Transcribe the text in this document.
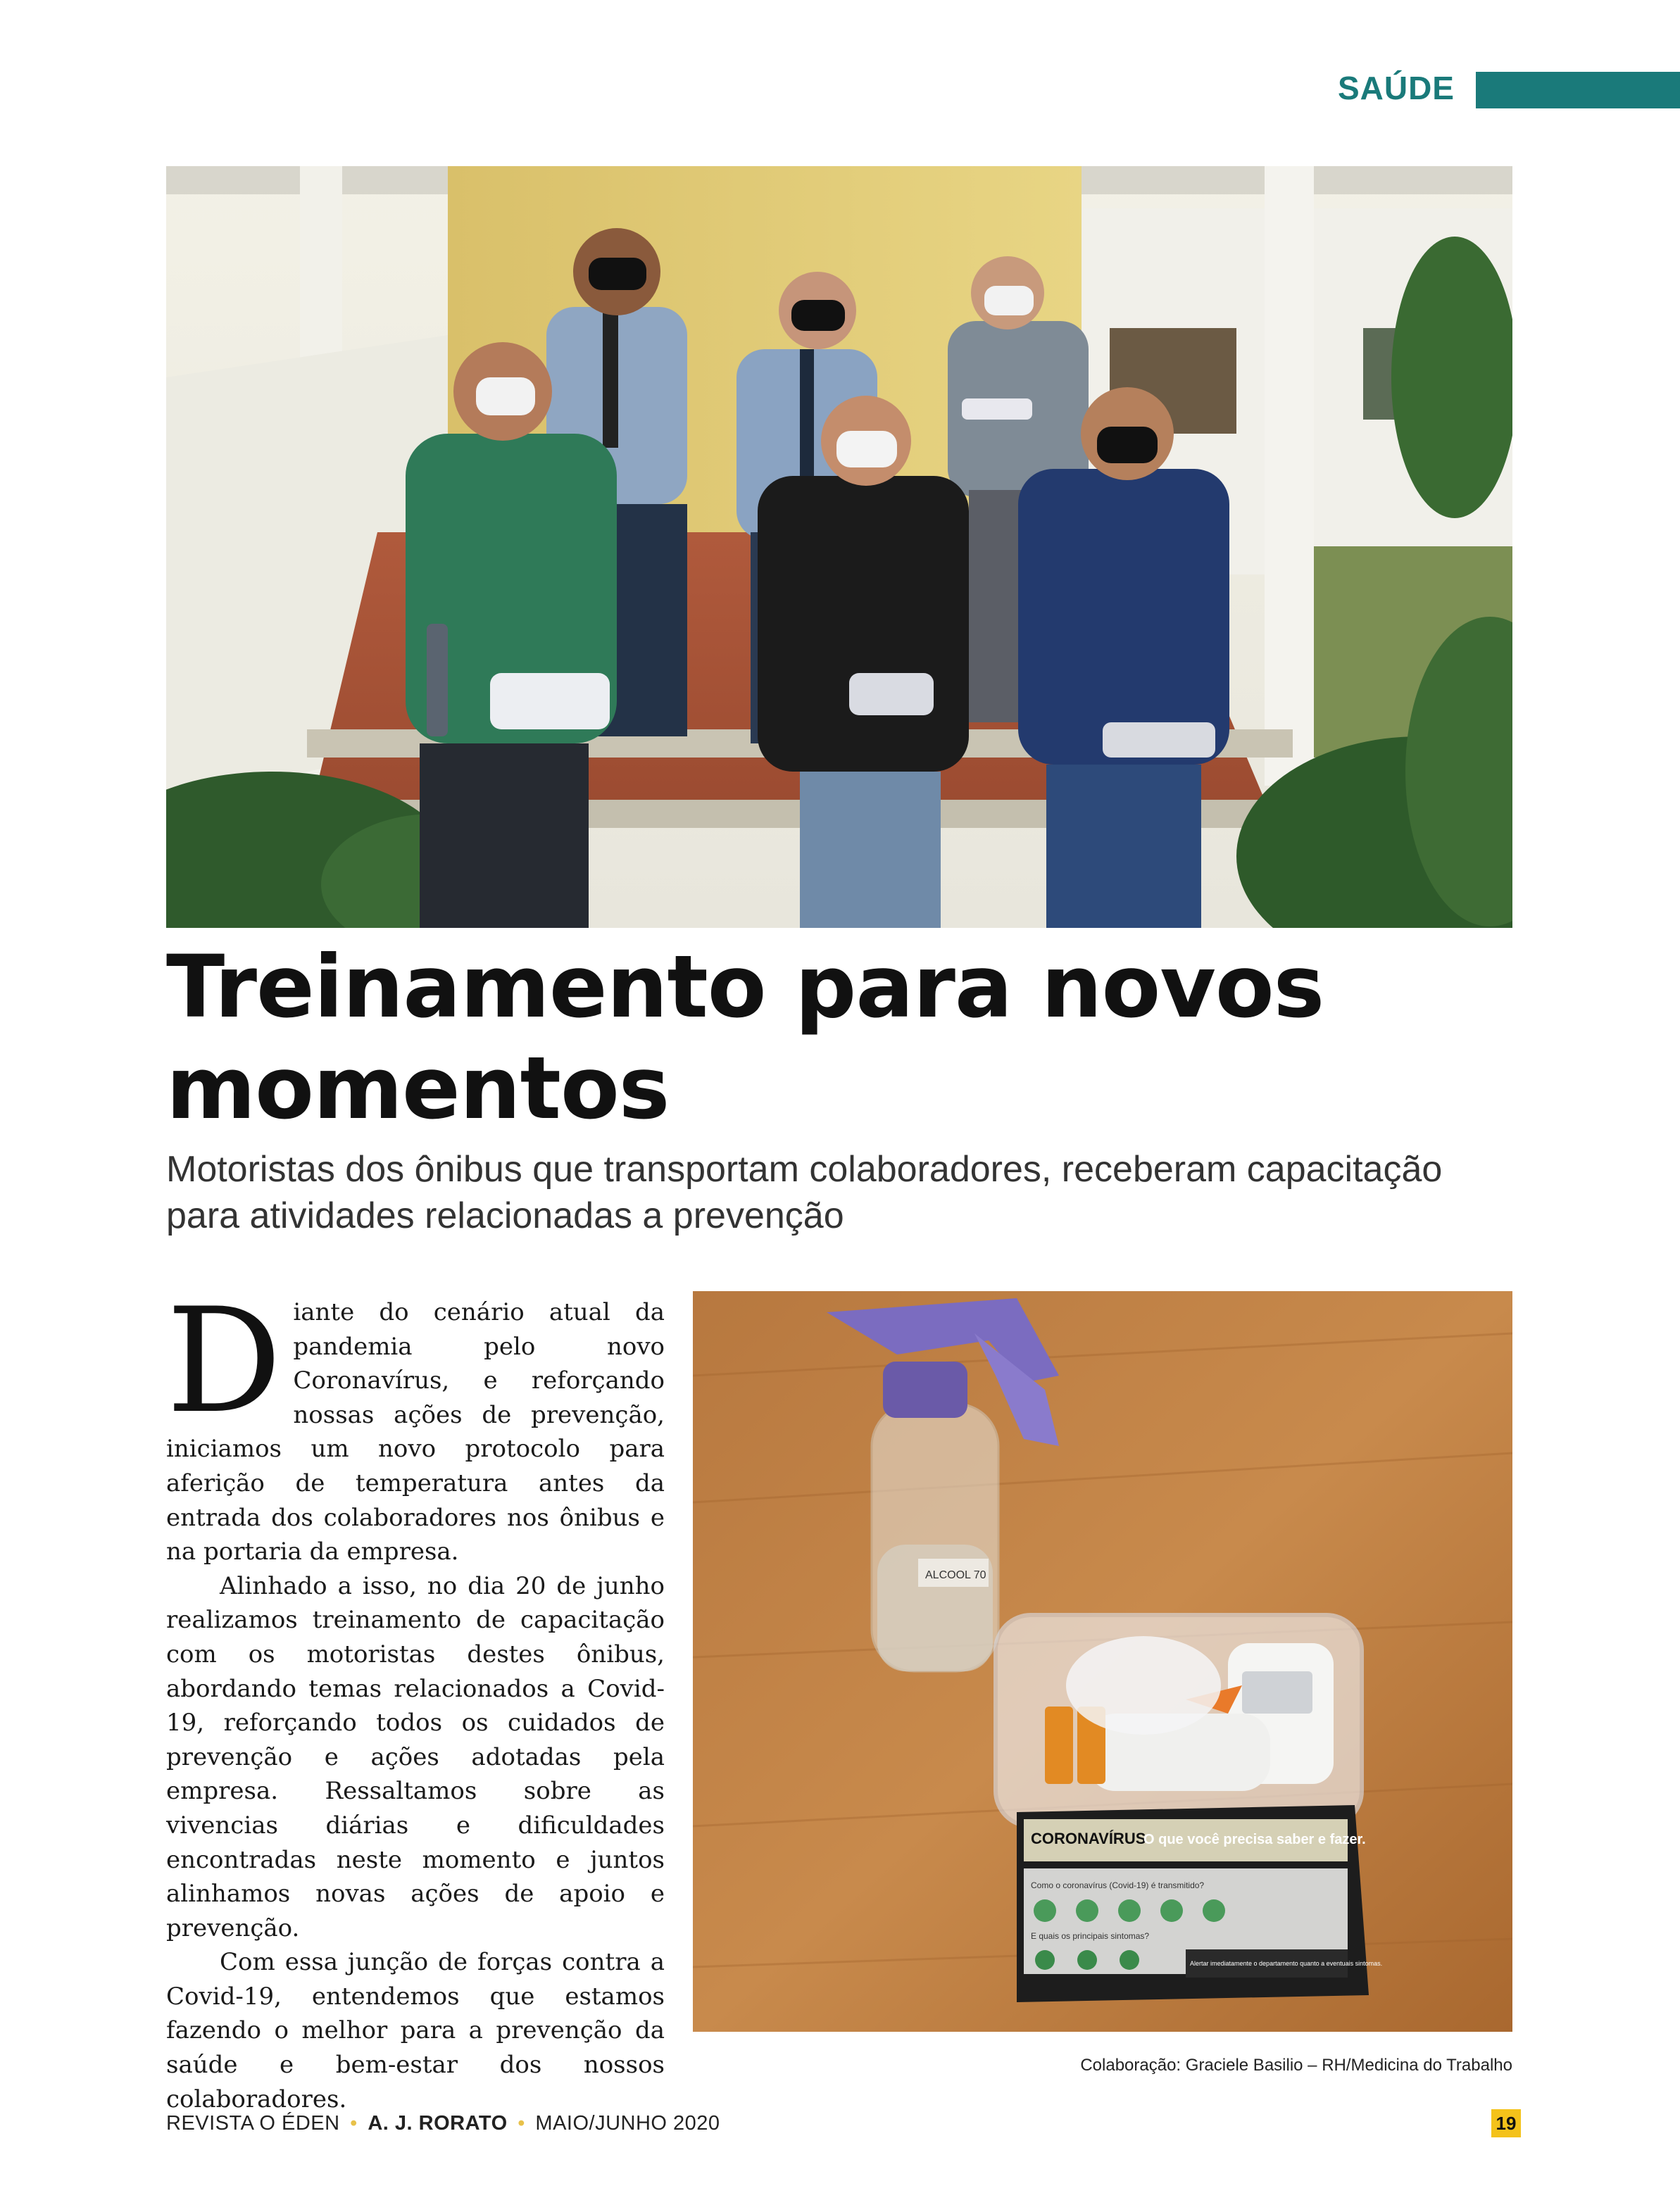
SAÚDE
Treinamento para novos
momentos

Motoristas dos ônibus que transportam colaboradores, receberam capacitação para atividades relacionadas a prevenção

Diante do cenário atual da pandemia pelo novo Coronavírus, e reforçando nossas ações de prevenção, iniciamos um novo protocolo para aferição de temperatura antes da entrada dos colaboradores nos ônibus e na portaria da empresa.

Alinhado a isso, no dia 20 de junho realizamos treinamento de capacitação com os motoristas destes ônibus, abordando temas relacionados a Covid-19, reforçando todos os cuidados de prevenção e ações adotadas pela empresa. Ressaltamos sobre as vivencias diárias e dificuldades encontradas neste momento e juntos alinhamos novas ações de apoio e prevenção.

Com essa junção de forças contra a Covid-19, entendemos que estamos fazendo o melhor para a prevenção da saúde e bem-estar dos nossos colaboradores.

ALCOOL 70
CORONAVÍRUS
O que você precisa saber e fazer.
Como o coronavírus (Covid-19) é transmitido?
E quais os principais sintomas?
Alertar imediatamente o departamento quanto a eventuais sintomas.
Colaboração: Graciele Basilio – RH/Medicina do Trabalho
REVISTA O ÉDEN • A. J. RORATO • MAIO/JUNHO 2020	19
